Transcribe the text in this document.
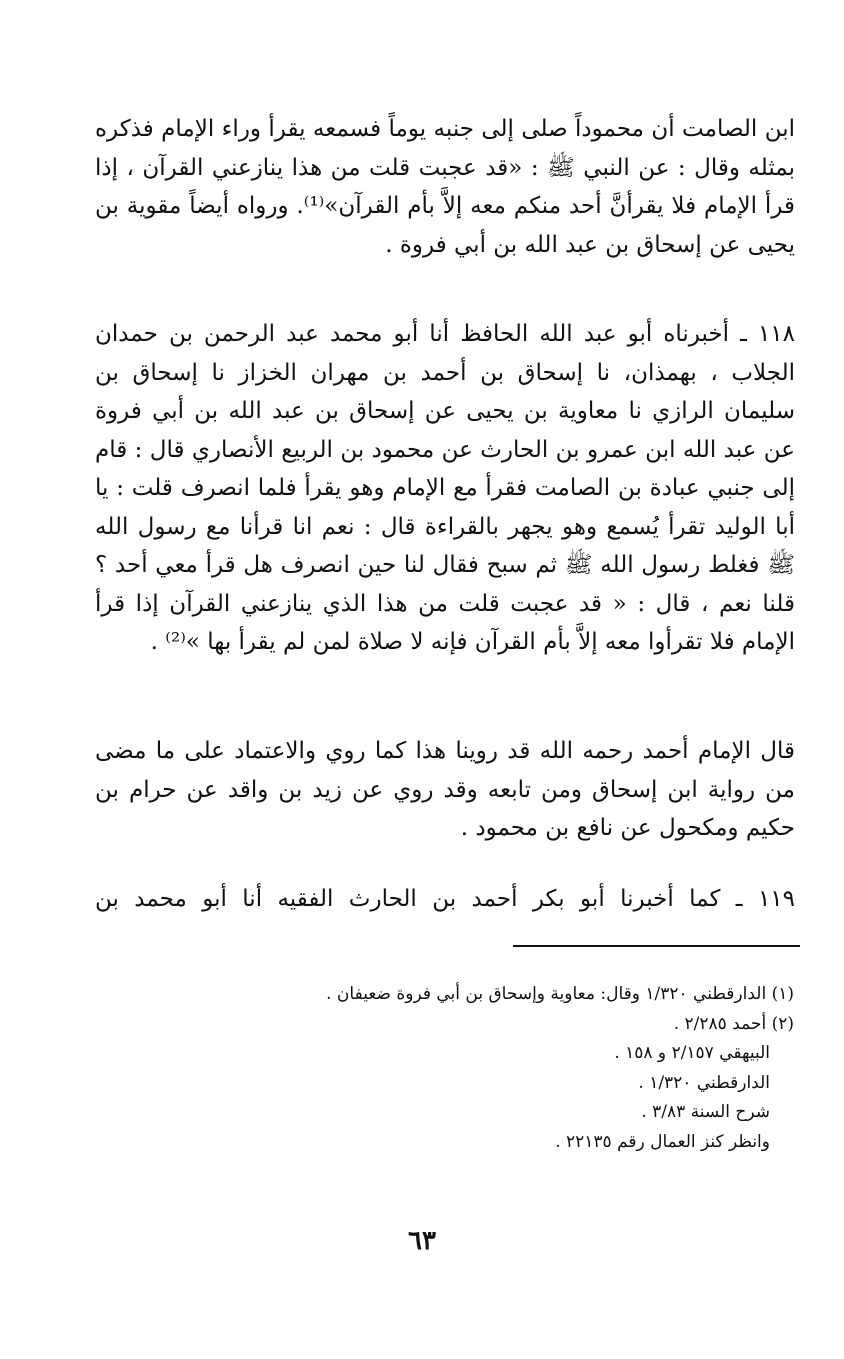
ابن الصامت أن محموداً صلى إلى جنبه يوماً فسمعه يقرأ وراء الإمام فذكره بمثله وقال : عن النبي ﷺ : «قد عجبت قلت من هذا ينازعني القرآن ، إذا قرأ الإمام فلا يقرأنَّ أحد منكم معه إلاَّ بأم القرآن»⁽¹⁾. ورواه أيضاً مقوية بن يحيى عن إسحاق بن عبد الله بن أبي فروة .

١١٨ ـ أخبرناه أبو عبد الله الحافظ أنا أبو محمد عبد الرحمن بن حمدان الجلاب ، بهمذان، نا إسحاق بن أحمد بن مهران الخزاز نا إسحاق بن سليمان الرازي نا معاوية بن يحيى عن إسحاق بن عبد الله بن أبي فروة عن عبد الله ابن عمرو بن الحارث عن محمود بن الربيع الأنصاري قال : قام إلى جنبي عبادة بن الصامت فقرأ مع الإمام وهو يقرأ فلما انصرف قلت : يا أبا الوليد تقرأ يُسمع وهو يجهر بالقراءة قال : نعم انا قرأنا مع رسول الله ﷺ فغلط رسول الله ﷺ ثم سبح فقال لنا حين انصرف هل قرأ معي أحد ؟ قلنا نعم ، قال : « قد عجبت قلت من هذا الذي ينازعني القرآن إذا قرأ الإمام فلا تقرأوا معه إلاَّ بأم القرآن فإنه لا صلاة لمن لم يقرأ بها »⁽²⁾ .

قال الإمام أحمد رحمه الله قد روينا هذا كما روي والاعتماد على ما مضى من رواية ابن إسحاق ومن تابعه وقد روي عن زيد بن واقد عن حرام بن حكيم ومكحول عن نافع بن محمود .

١١٩ ـ كما أخبرنا أبو بكر أحمد بن الحارث الفقيه أنا أبو محمد بن

(١) الدارقطني ١/٣٢٠ وقال: معاوية وإسحاق بن أبي فروة ضعيفان .

(٢) أحمد ٢/٢٨٥ .

البيهقي ٢/١٥٧ و ١٥٨ .

الدارقطني ١/٣٢٠ .

شرح السنة ٣/٨٣ .

وانظر كنز العمال رقم ٢٢١٣٥ .

٦٣
